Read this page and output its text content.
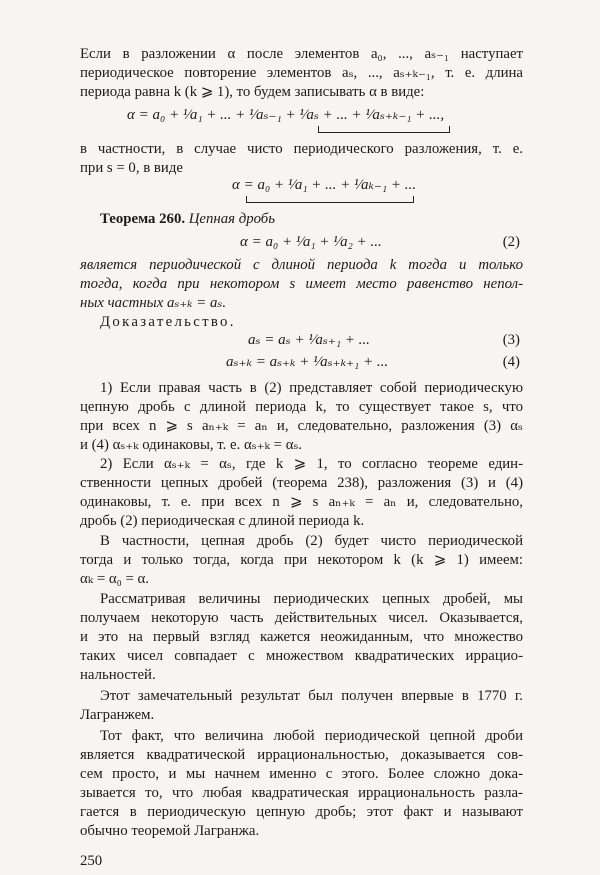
Если в разложении α после элементов a₀, ..., aₛ₋₁ наступает
периодическое повторение элементов aₛ, ..., aₛ₊ₖ₋₁, т. е. длина
периода равна k (k ⩾ 1), то будем записывать α в виде:
α = a₀ + ¹⁄a₁ + ... + ¹⁄aₛ₋₁ + ¹⁄aₛ + ... + ¹⁄aₛ₊ₖ₋₁ + ...,
в частности, в случае чисто периодического разложения, т. е.
при s = 0, в виде
α = a₀ + ¹⁄a₁ + ... + ¹⁄aₖ₋₁ + ...
Теорема 260. Цепная дробь
α = a₀ + ¹⁄a₁ + ¹⁄a₂ + ...	(2)
является периодической с длиной периода k тогда и только
тогда, когда при некотором s имеет место равенство непол-
ных частных aₛ₊ₖ = aₛ.
Доказательство.
aₛ = aₛ + ¹⁄aₛ₊₁ + ...	(3)
aₛ₊ₖ = aₛ₊ₖ + ¹⁄aₛ₊ₖ₊₁ + ...	(4)
1) Если правая часть в (2) представляет собой периодическую
цепную дробь с длиной периода k, то существует такое s, что
при всех n ⩾ s aₙ₊ₖ = aₙ и, следовательно, разложения (3) αₛ
и (4) αₛ₊ₖ одинаковы, т. е. αₛ₊ₖ = αₛ.
2) Если αₛ₊ₖ = αₛ, где k ⩾ 1, то согласно теореме един-
ственности цепных дробей (теорема 238), разложения (3) и (4)
одинаковы, т. е. при всех n ⩾ s aₙ₊ₖ = aₙ и, следовательно,
дробь (2) периодическая с длиной периода k.
В частности, цепная дробь (2) будет чисто периодической
тогда и только тогда, когда при некотором k (k ⩾ 1) имеем:
αₖ = α₀ = α.
Рассматривая величины периодических цепных дробей, мы
получаем некоторую часть действительных чисел. Оказывается,
и это на первый взгляд кажется неожиданным, что множество
таких чисел совпадает с множеством квадратических иррацио-
нальностей.
Этот замечательный результат был получен впервые в 1770 г.
Лагранжем.
Тот факт, что величина любой периодической цепной дроби
является квадратической иррациональностью, доказывается сов-
сем просто, и мы начнем именно с этого. Более сложно дока-
зывается то, что любая квадратическая иррациональность разла-
гается в периодическую цепную дробь; этот факт и называют
обычно теоремой Лагранжа.
250
